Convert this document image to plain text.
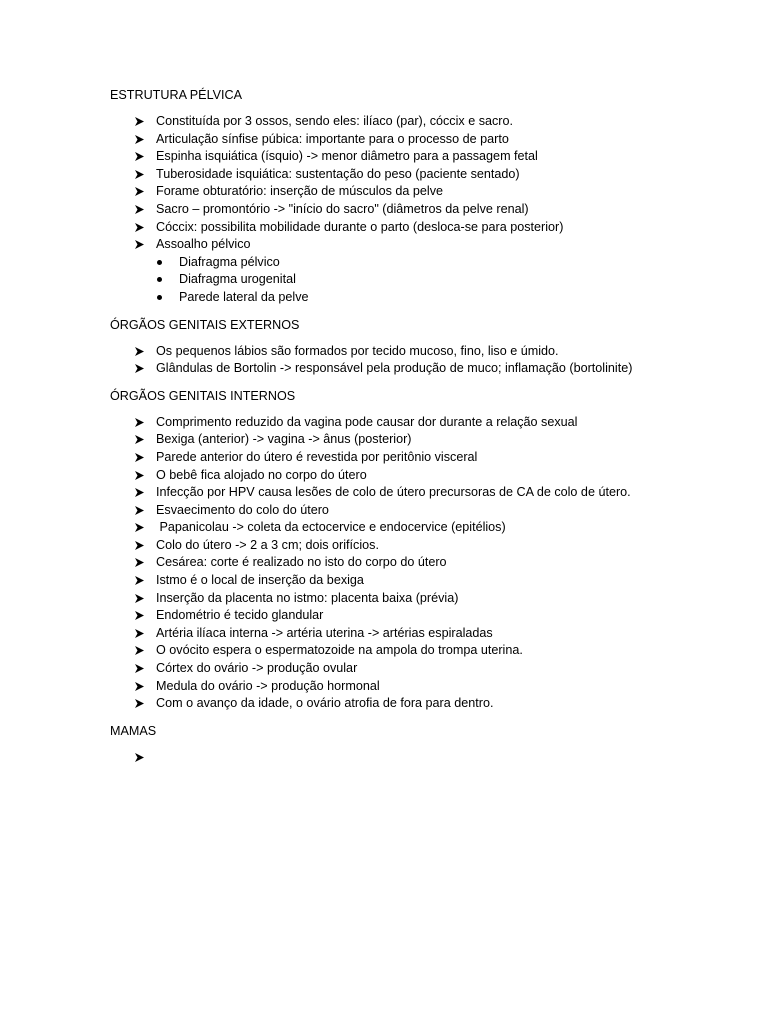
ESTRUTURA PÉLVICA
Constituída por 3 ossos, sendo eles: ilíaco (par), cóccix e sacro.
Articulação sínfise púbica: importante para o processo de parto
Espinha isquiática (ísquio) -> menor diâmetro para a passagem fetal
Tuberosidade isquiática: sustentação do peso (paciente sentado)
Forame obturatório: inserção de músculos da pelve
Sacro – promontório -> "início do sacro" (diâmetros da pelve renal)
Cóccix: possibilita mobilidade durante o parto (desloca-se para posterior)
Assoalho pélvico
Diafragma pélvico
Diafragma urogenital
Parede lateral da pelve
ÓRGÃOS GENITAIS EXTERNOS
Os pequenos lábios são formados por tecido mucoso, fino, liso e úmido.
Glândulas de Bortolin -> responsável pela produção de muco; inflamação (bortolinite)
ÓRGÃOS GENITAIS INTERNOS
Comprimento reduzido da vagina pode causar dor durante a relação sexual
Bexiga (anterior) -> vagina -> ânus (posterior)
Parede anterior do útero é revestida por peritônio visceral
O bebê fica alojado no corpo do útero
Infecção por HPV causa lesões de colo de útero precursoras de CA de colo de útero.
Esvaecimento do colo do útero
Papanicolau -> coleta da ectocervice e endocervice (epitélios)
Colo do útero -> 2 a 3 cm; dois orifícios.
Cesárea: corte é realizado no isto do corpo do útero
Istmo é o local de inserção da bexiga
Inserção da placenta no istmo: placenta baixa (prévia)
Endométrio é tecido glandular
Artéria ilíaca interna -> artéria uterina -> artérias espiraladas
O ovócito espera o espermatozoide na ampola do trompa uterina.
Córtex do ovário -> produção ovular
Medula do ovário -> produção hormonal
Com o avanço da idade, o ovário atrofia de fora para dentro.
MAMAS
